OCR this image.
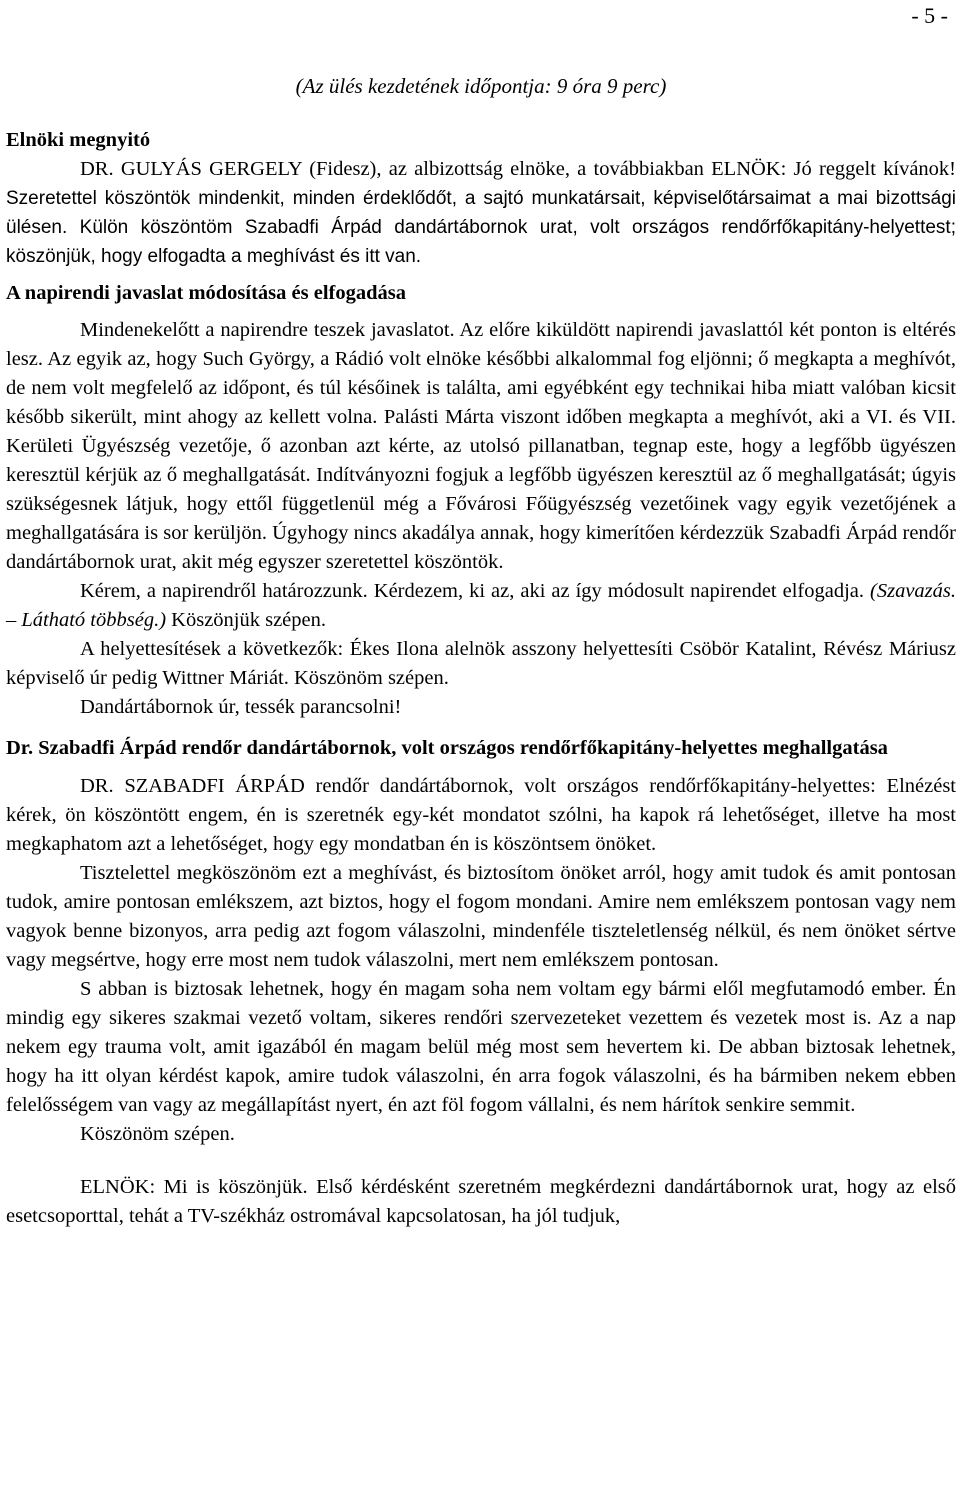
- 5 -
(Az ülés kezdetének időpontja: 9 óra 9 perc)

Elnöki megnyitó

DR. GULYÁS GERGELY (Fidesz), az albizottság elnöke, a továbbiakban ELNÖK: Jó reggelt kívánok! Szeretettel köszöntök mindenkit, minden érdeklődőt, a sajtó munkatársait, képviselőtársaimat a mai bizottsági ülésen. Külön köszöntöm Szabadfi Árpád dandártábornok urat, volt országos rendőrfőkapitány-helyettest; köszönjük, hogy elfogadta a meghívást és itt van.

A napirendi javaslat módosítása és elfogadása

Mindenekelőtt a napirendre teszek javaslatot. Az előre kiküldött napirendi javaslattól két ponton is eltérés lesz. Az egyik az, hogy Such György, a Rádió volt elnöke későbbi alkalommal fog eljönni; ő megkapta a meghívót, de nem volt megfelelő az időpont, és túl későinek is találta, ami egyébként egy technikai hiba miatt valóban kicsit később sikerült, mint ahogy az kellett volna. Palásti Márta viszont időben megkapta a meghívót, aki a VI. és VII. Kerületi Ügyészség vezetője, ő azonban azt kérte, az utolsó pillanatban, tegnap este, hogy a legfőbb ügyészen keresztül kérjük az ő meghallgatását. Indítványozni fogjuk a legfőbb ügyészen keresztül az ő meghallgatását; úgyis szükségesnek látjuk, hogy ettől függetlenül még a Fővárosi Főügyészség vezetőinek vagy egyik vezetőjének a meghallgatására is sor kerüljön. Úgyhogy nincs akadálya annak, hogy kimerítően kérdezzük Szabadfi Árpád rendőr dandártábornok urat, akit még egyszer szeretettel köszöntök.

Kérem, a napirendről határozzunk. Kérdezem, ki az, aki az így módosult napirendet elfogadja. (Szavazás. – Látható többség.) Köszönjük szépen.

A helyettesítések a következők: Ékes Ilona alelnök asszony helyettesíti Csöbör Katalint, Révész Máriusz képviselő úr pedig Wittner Máriát. Köszönöm szépen.

Dandártábornok úr, tessék parancsolni!

Dr. Szabadfi Árpád rendőr dandártábornok, volt országos rendőrfőkapitány-helyettes meghallgatása

DR. SZABADFI ÁRPÁD rendőr dandártábornok, volt országos rendőrfőkapitány-helyettes: Elnézést kérek, ön köszöntött engem, én is szeretnék egy-két mondatot szólni, ha kapok rá lehetőséget, illetve ha most megkaphatom azt a lehetőséget, hogy egy mondatban én is köszöntsem önöket.

Tisztelettel megköszönöm ezt a meghívást, és biztosítom önöket arról, hogy amit tudok és amit pontosan tudok, amire pontosan emlékszem, azt biztos, hogy el fogom mondani. Amire nem emlékszem pontosan vagy nem vagyok benne bizonyos, arra pedig azt fogom válaszolni, mindenféle tiszteletlenség nélkül, és nem önöket sértve vagy megsértve, hogy erre most nem tudok válaszolni, mert nem emlékszem pontosan.

S abban is biztosak lehetnek, hogy én magam soha nem voltam egy bármi elől megfutamodó ember. Én mindig egy sikeres szakmai vezető voltam, sikeres rendőri szervezeteket vezettem és vezetek most is. Az a nap nekem egy trauma volt, amit igazából én magam belül még most sem hevertem ki. De abban biztosak lehetnek, hogy ha itt olyan kérdést kapok, amire tudok válaszolni, én arra fogok válaszolni, és ha bármiben nekem ebben felelősségem van vagy az megállapítást nyert, én azt föl fogom vállalni, és nem hárítok senkire semmit.

Köszönöm szépen.

ELNÖK: Mi is köszönjük. Első kérdésként szeretném megkérdezni dandártábornok urat, hogy az első esetcsoporttal, tehát a TV-székház ostromával kapcsolatosan, ha jól tudjuk,
